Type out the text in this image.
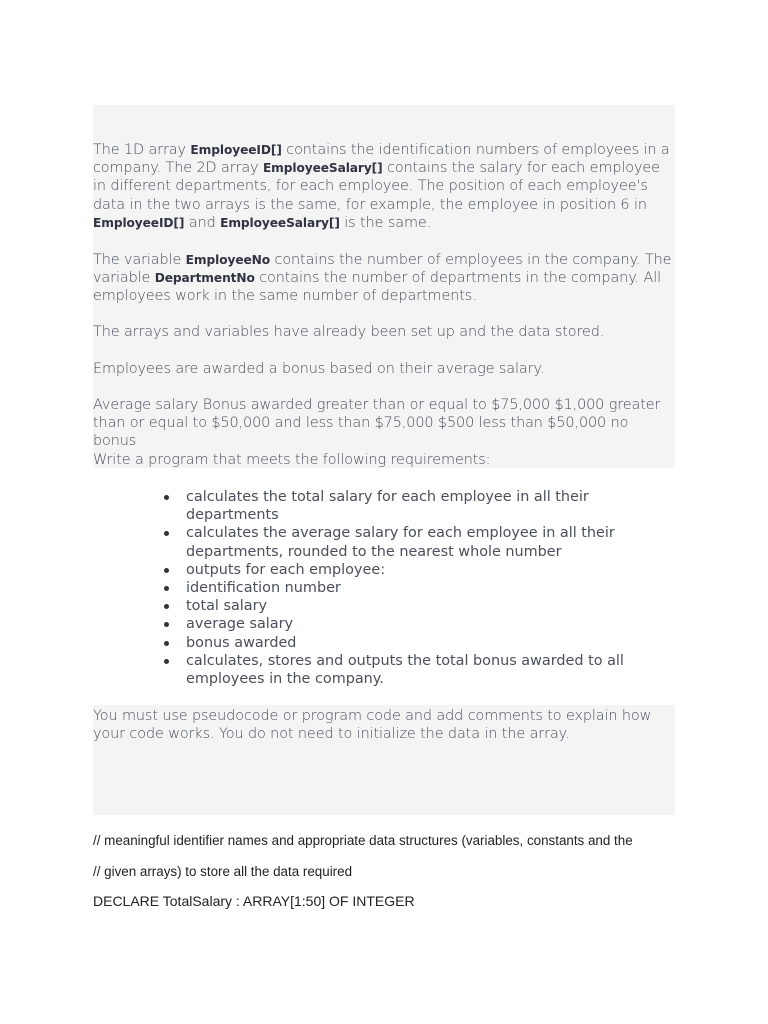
The 1D array EmployeeID[] contains the identification numbers of employees in a company. The 2D array EmployeeSalary[] contains the salary for each employee in different departments, for each employee. The position of each employee's data in the two arrays is the same, for example, the employee in position 6 in EmployeeID[] and EmployeeSalary[] is the same.

The variable EmployeeNo contains the number of employees in the company. The variable DepartmentNo contains the number of departments in the company. All employees work in the same number of departments.

The arrays and variables have already been set up and the data stored.

Employees are awarded a bonus based on their average salary.

Average salary Bonus awarded greater than or equal to $75,000 $1,000 greater than or equal to $50,000 and less than $75,000 $500 less than $50,000 no bonus

Write a program that meets the following requirements:

calculates the total salary for each employee in all their departments
calculates the average salary for each employee in all their departments, rounded to the nearest whole number
outputs for each employee:
identification number
total salary
average salary
bonus awarded
calculates, stores and outputs the total bonus awarded to all employees in the company.

You must use pseudocode or program code and add comments to explain how your code works. You do not need to initialize the data in the array.

// meaningful identifier names and appropriate data structures (variables, constants and the

// given arrays) to store all the data required

DECLARE TotalSalary : ARRAY[1:50] OF INTEGER
